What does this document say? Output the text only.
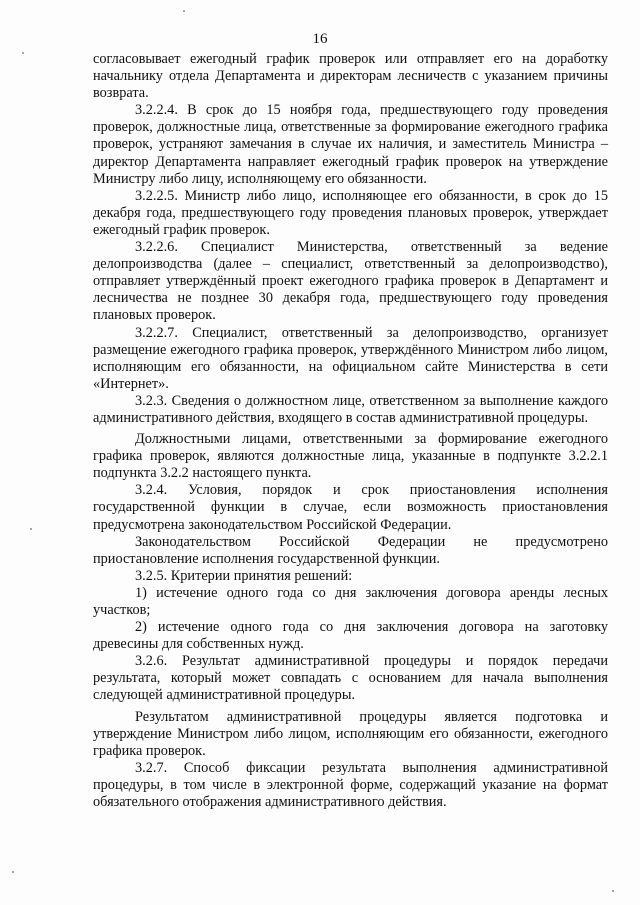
16

согласовывает ежегодный график проверок или отправляет его на доработку начальнику отдела Департамента и директорам лесничеств с указанием причины возврата.

3.2.2.4. В срок до 15 ноября года, предшествующего году проведения проверок, должностные лица, ответственные за формирование ежегодного графика проверок, устраняют замечания в случае их наличия, и заместитель Министра – директор Департамента направляет ежегодный график проверок на утверждение Министру либо лицу, исполняющему его обязанности.

3.2.2.5. Министр либо лицо, исполняющее его обязанности, в срок до 15 декабря года, предшествующего году проведения плановых проверок, утверждает ежегодный график проверок.

3.2.2.6. Специалист Министерства, ответственный за ведение делопроизводства (далее – специалист, ответственный за делопроизводство), отправляет утверждённый проект ежегодного графика проверок в Департамент и лесничества не позднее 30 декабря года, предшествующего году проведения плановых проверок.

3.2.2.7. Специалист, ответственный за делопроизводство, организует размещение ежегодного графика проверок, утверждённого Министром либо лицом, исполняющим его обязанности, на официальном сайте Министерства в сети «Интернет».

3.2.3. Сведения о должностном лице, ответственном за выполнение каждого административного действия, входящего в состав административной процедуры.

Должностными лицами, ответственными за формирование ежегодного графика проверок, являются должностные лица, указанные в подпункте 3.2.2.1 подпункта 3.2.2 настоящего пункта.

3.2.4. Условия, порядок и срок приостановления исполнения государственной функции в случае, если возможность приостановления предусмотрена законодательством Российской Федерации.

Законодательством Российской Федерации не предусмотрено приостановление исполнения государственной функции.

3.2.5. Критерии принятия решений:

1) истечение одного года со дня заключения договора аренды лесных участков;

2) истечение одного года со дня заключения договора на заготовку древесины для собственных нужд.

3.2.6. Результат административной процедуры и порядок передачи результата, который может совпадать с основанием для начала выполнения следующей административной процедуры.

Результатом административной процедуры является подготовка и утверждение Министром либо лицом, исполняющим его обязанности, ежегодного графика проверок.

3.2.7. Способ фиксации результата выполнения административной процедуры, в том числе в электронной форме, содержащий указание на формат обязательного отображения административного действия.
